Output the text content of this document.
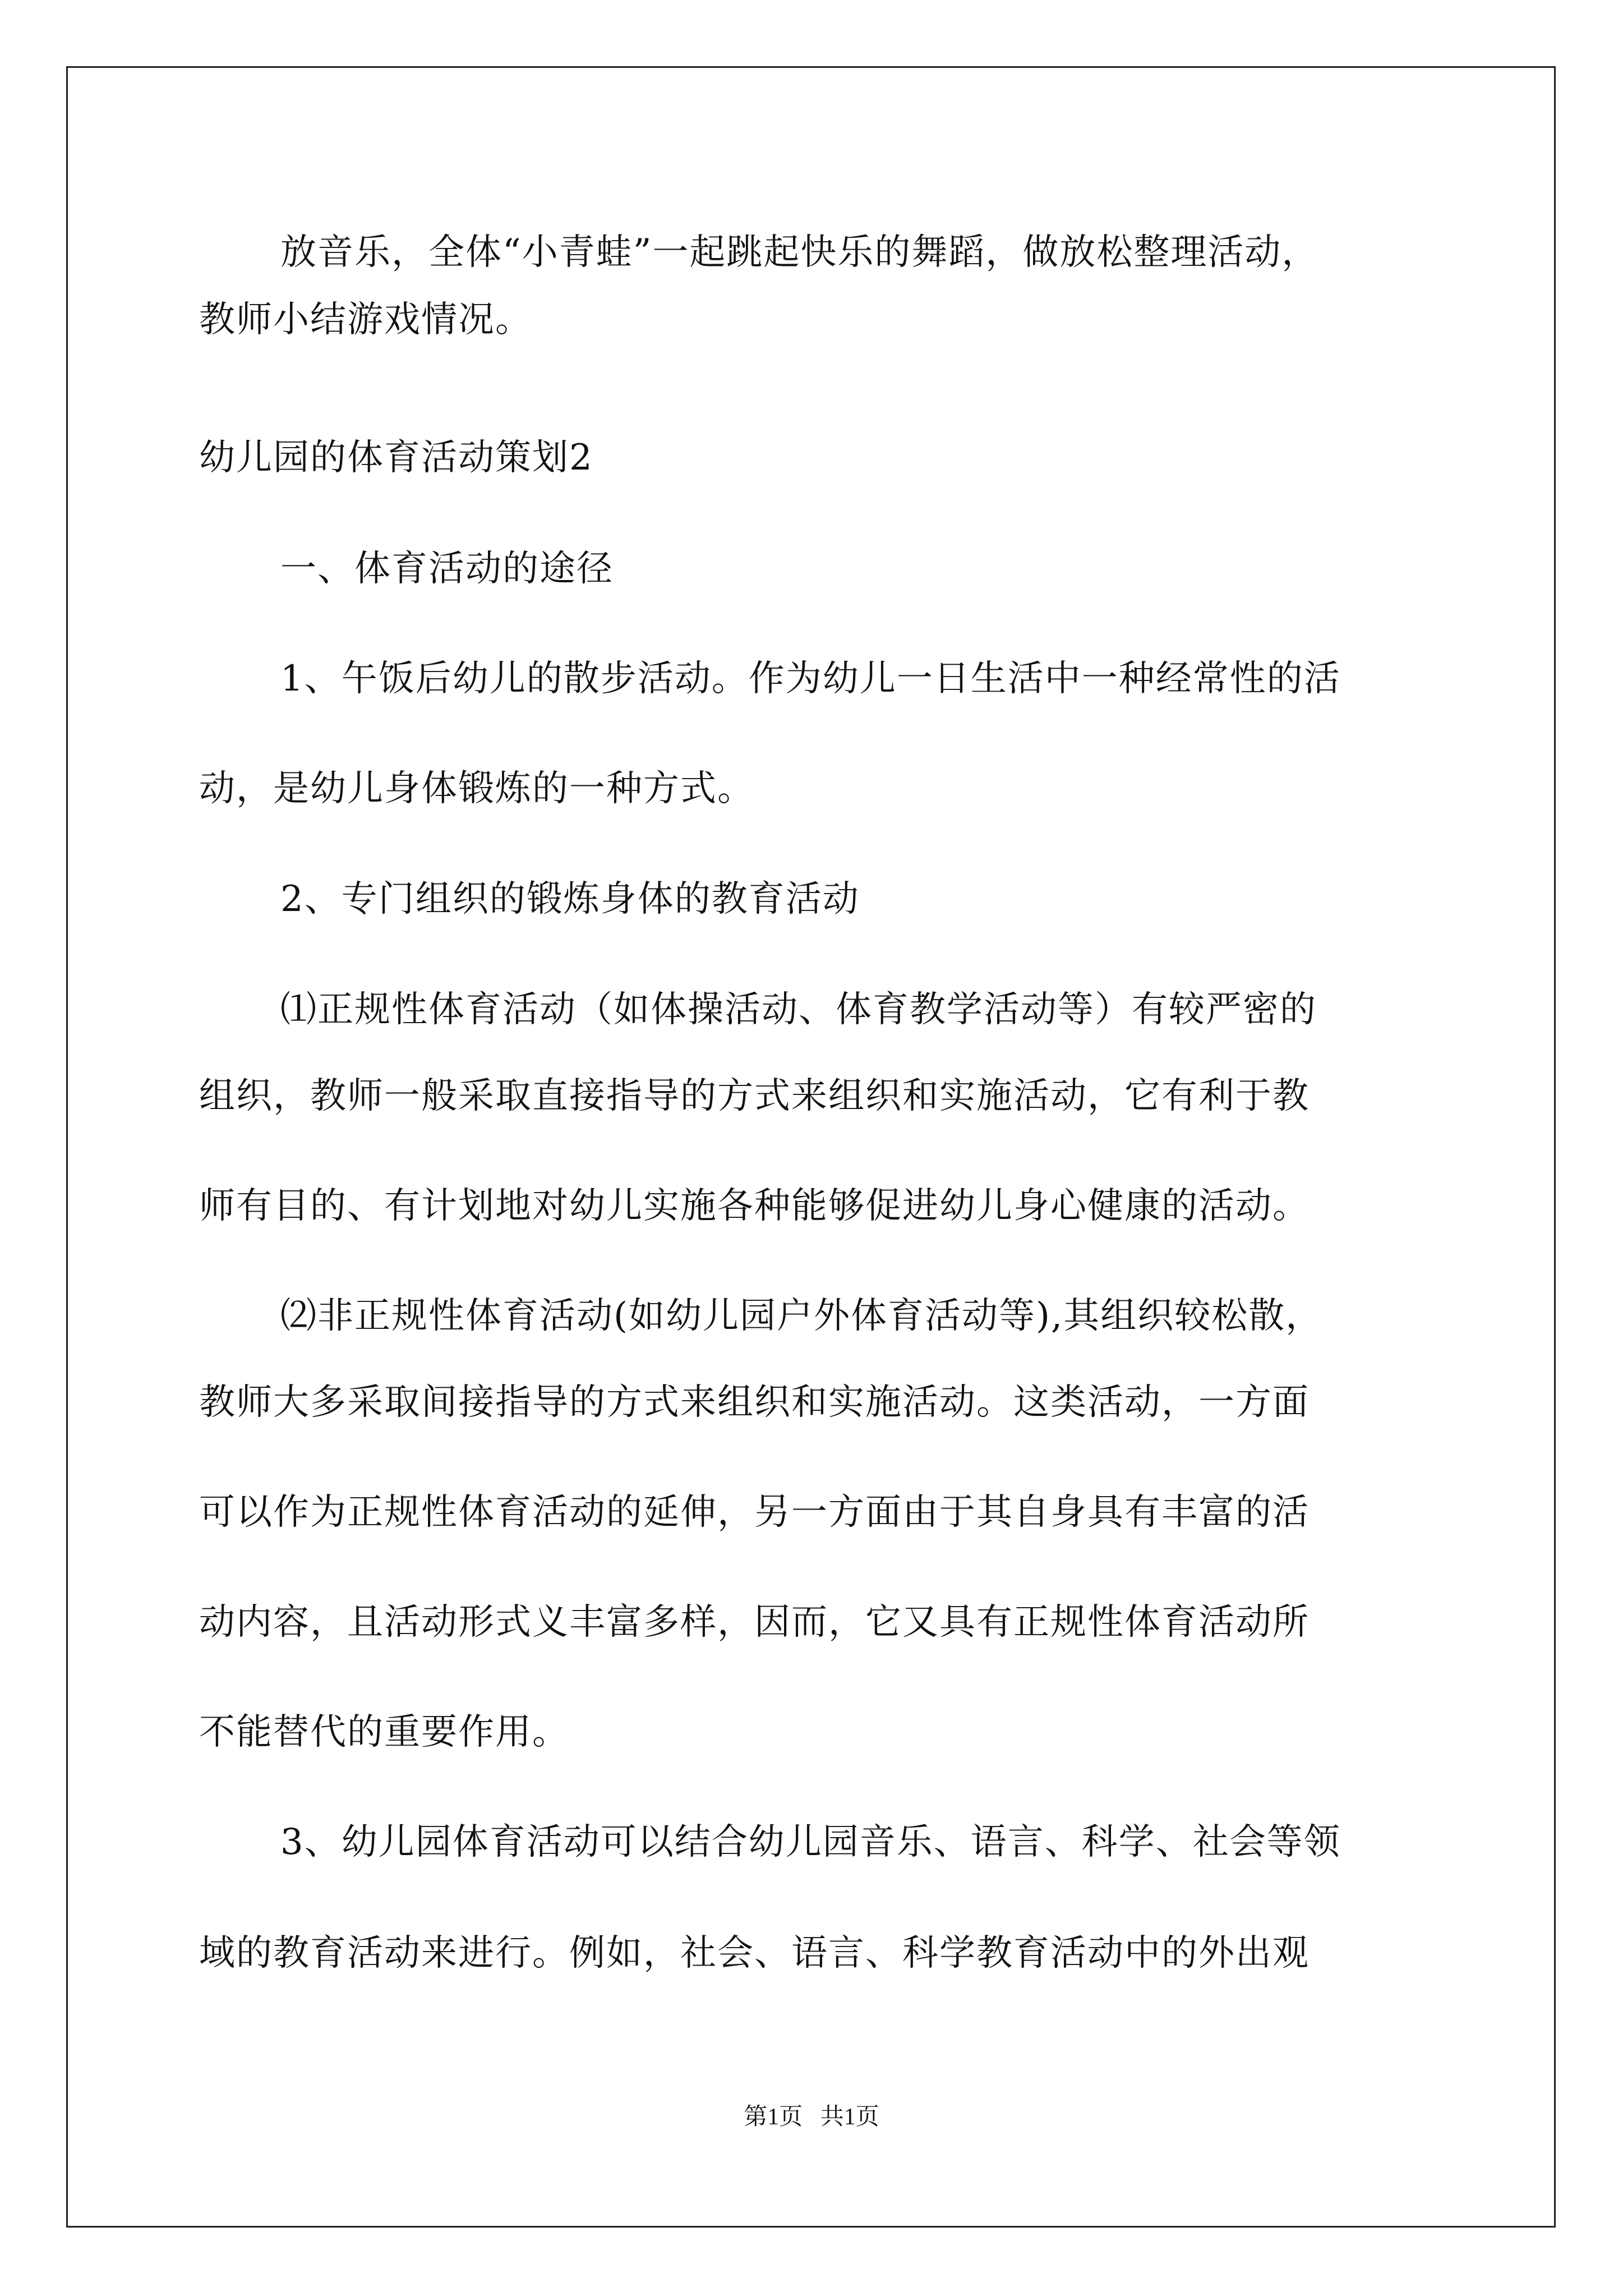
放音乐，全体“小青蛙”一起跳起快乐的舞蹈，做放松整理活动，
教师小结游戏情况。
幼儿园的体育活动策划2
一、体育活动的途径
1、午饭后幼儿的散步活动。作为幼儿一日生活中一种经常性的活
动，是幼儿身体锻炼的一种方式。
2、专门组织的锻炼身体的教育活动
⑴正规性体育活动（如体操活动、体育教学活动等）有较严密的
组织，教师一般采取直接指导的方式来组织和实施活动，它有利于教
师有目的、有计划地对幼儿实施各种能够促进幼儿身心健康的活动。
⑵非正规性体育活动(如幼儿园户外体育活动等),其组织较松散，
教师大多采取间接指导的方式来组织和实施活动。这类活动，一方面
可以作为正规性体育活动的延伸，另一方面由于其自身具有丰富的活
动内容，且活动形式义丰富多样，因而，它又具有正规性体育活动所
不能替代的重要作用。
3、幼儿园体育活动可以结合幼儿园音乐、语言、科学、社会等领
域的教育活动来进行。例如，社会、语言、科学教育活动中的外出观
第1页   共1页
